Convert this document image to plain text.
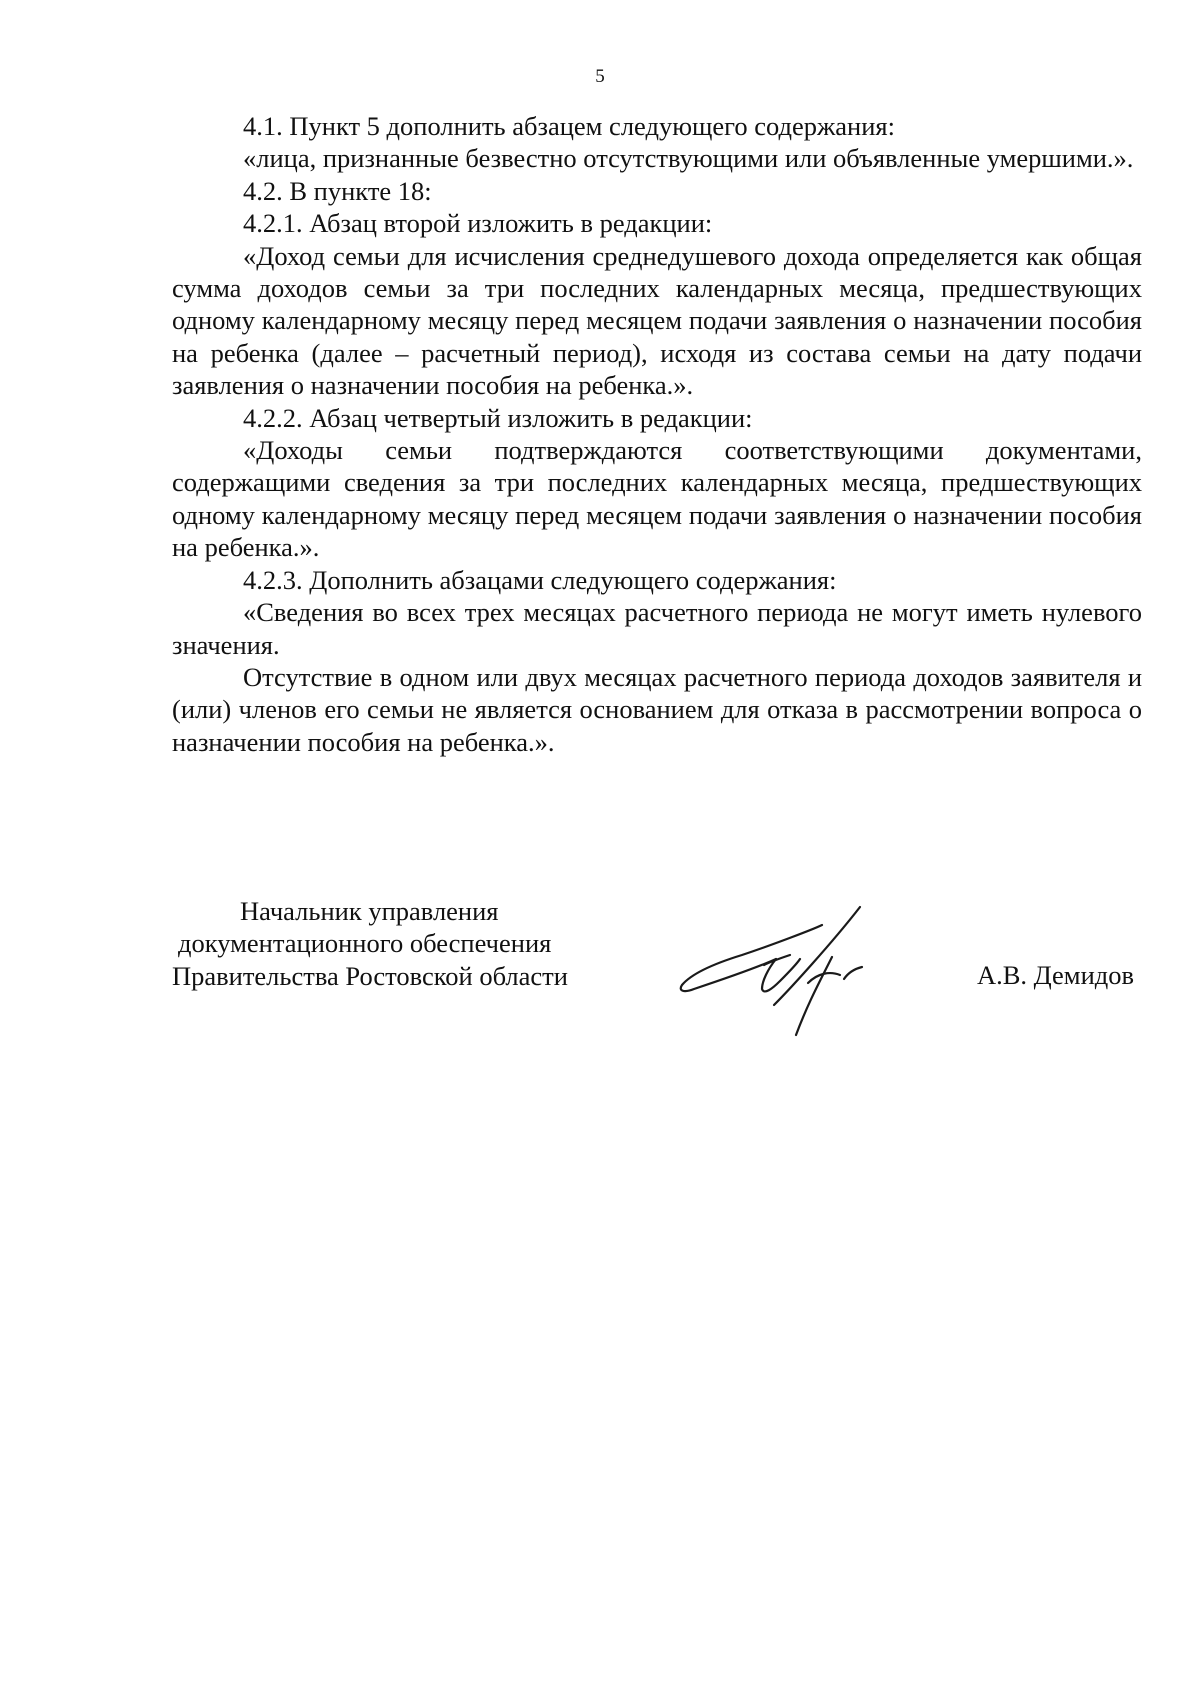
5

4.1. Пункт 5 дополнить абзацем следующего содержания:

«лица, признанные безвестно отсутствующими или объявленные умершими.».

4.2. В пункте 18:

4.2.1. Абзац второй изложить в редакции:

«Доход семьи для исчисления среднедушевого дохода определяется как общая сумма доходов семьи за три последних календарных месяца, предшествующих одному календарному месяцу перед месяцем подачи заявления о назначении пособия на ребенка (далее – расчетный период), исходя из состава семьи на дату подачи заявления о назначении пособия на ребенка.».

4.2.2. Абзац четвертый изложить в редакции:

«Доходы семьи подтверждаются соответствующими документами, содержащими сведения за три последних календарных месяца, предшествующих одному календарному месяцу перед месяцем подачи заявления о назначении пособия на ребенка.».

4.2.3. Дополнить абзацами следующего содержания:

«Сведения во всех трех месяцах расчетного периода не могут иметь нулевого значения.

Отсутствие в одном или двух месяцах расчетного периода доходов заявителя и (или) членов его семьи не является основанием для отказа в рассмотрении вопроса о назначении пособия на ребенка.».

Начальник управления
документационного обеспечения
Правительства Ростовской области	А.В. Демидов
